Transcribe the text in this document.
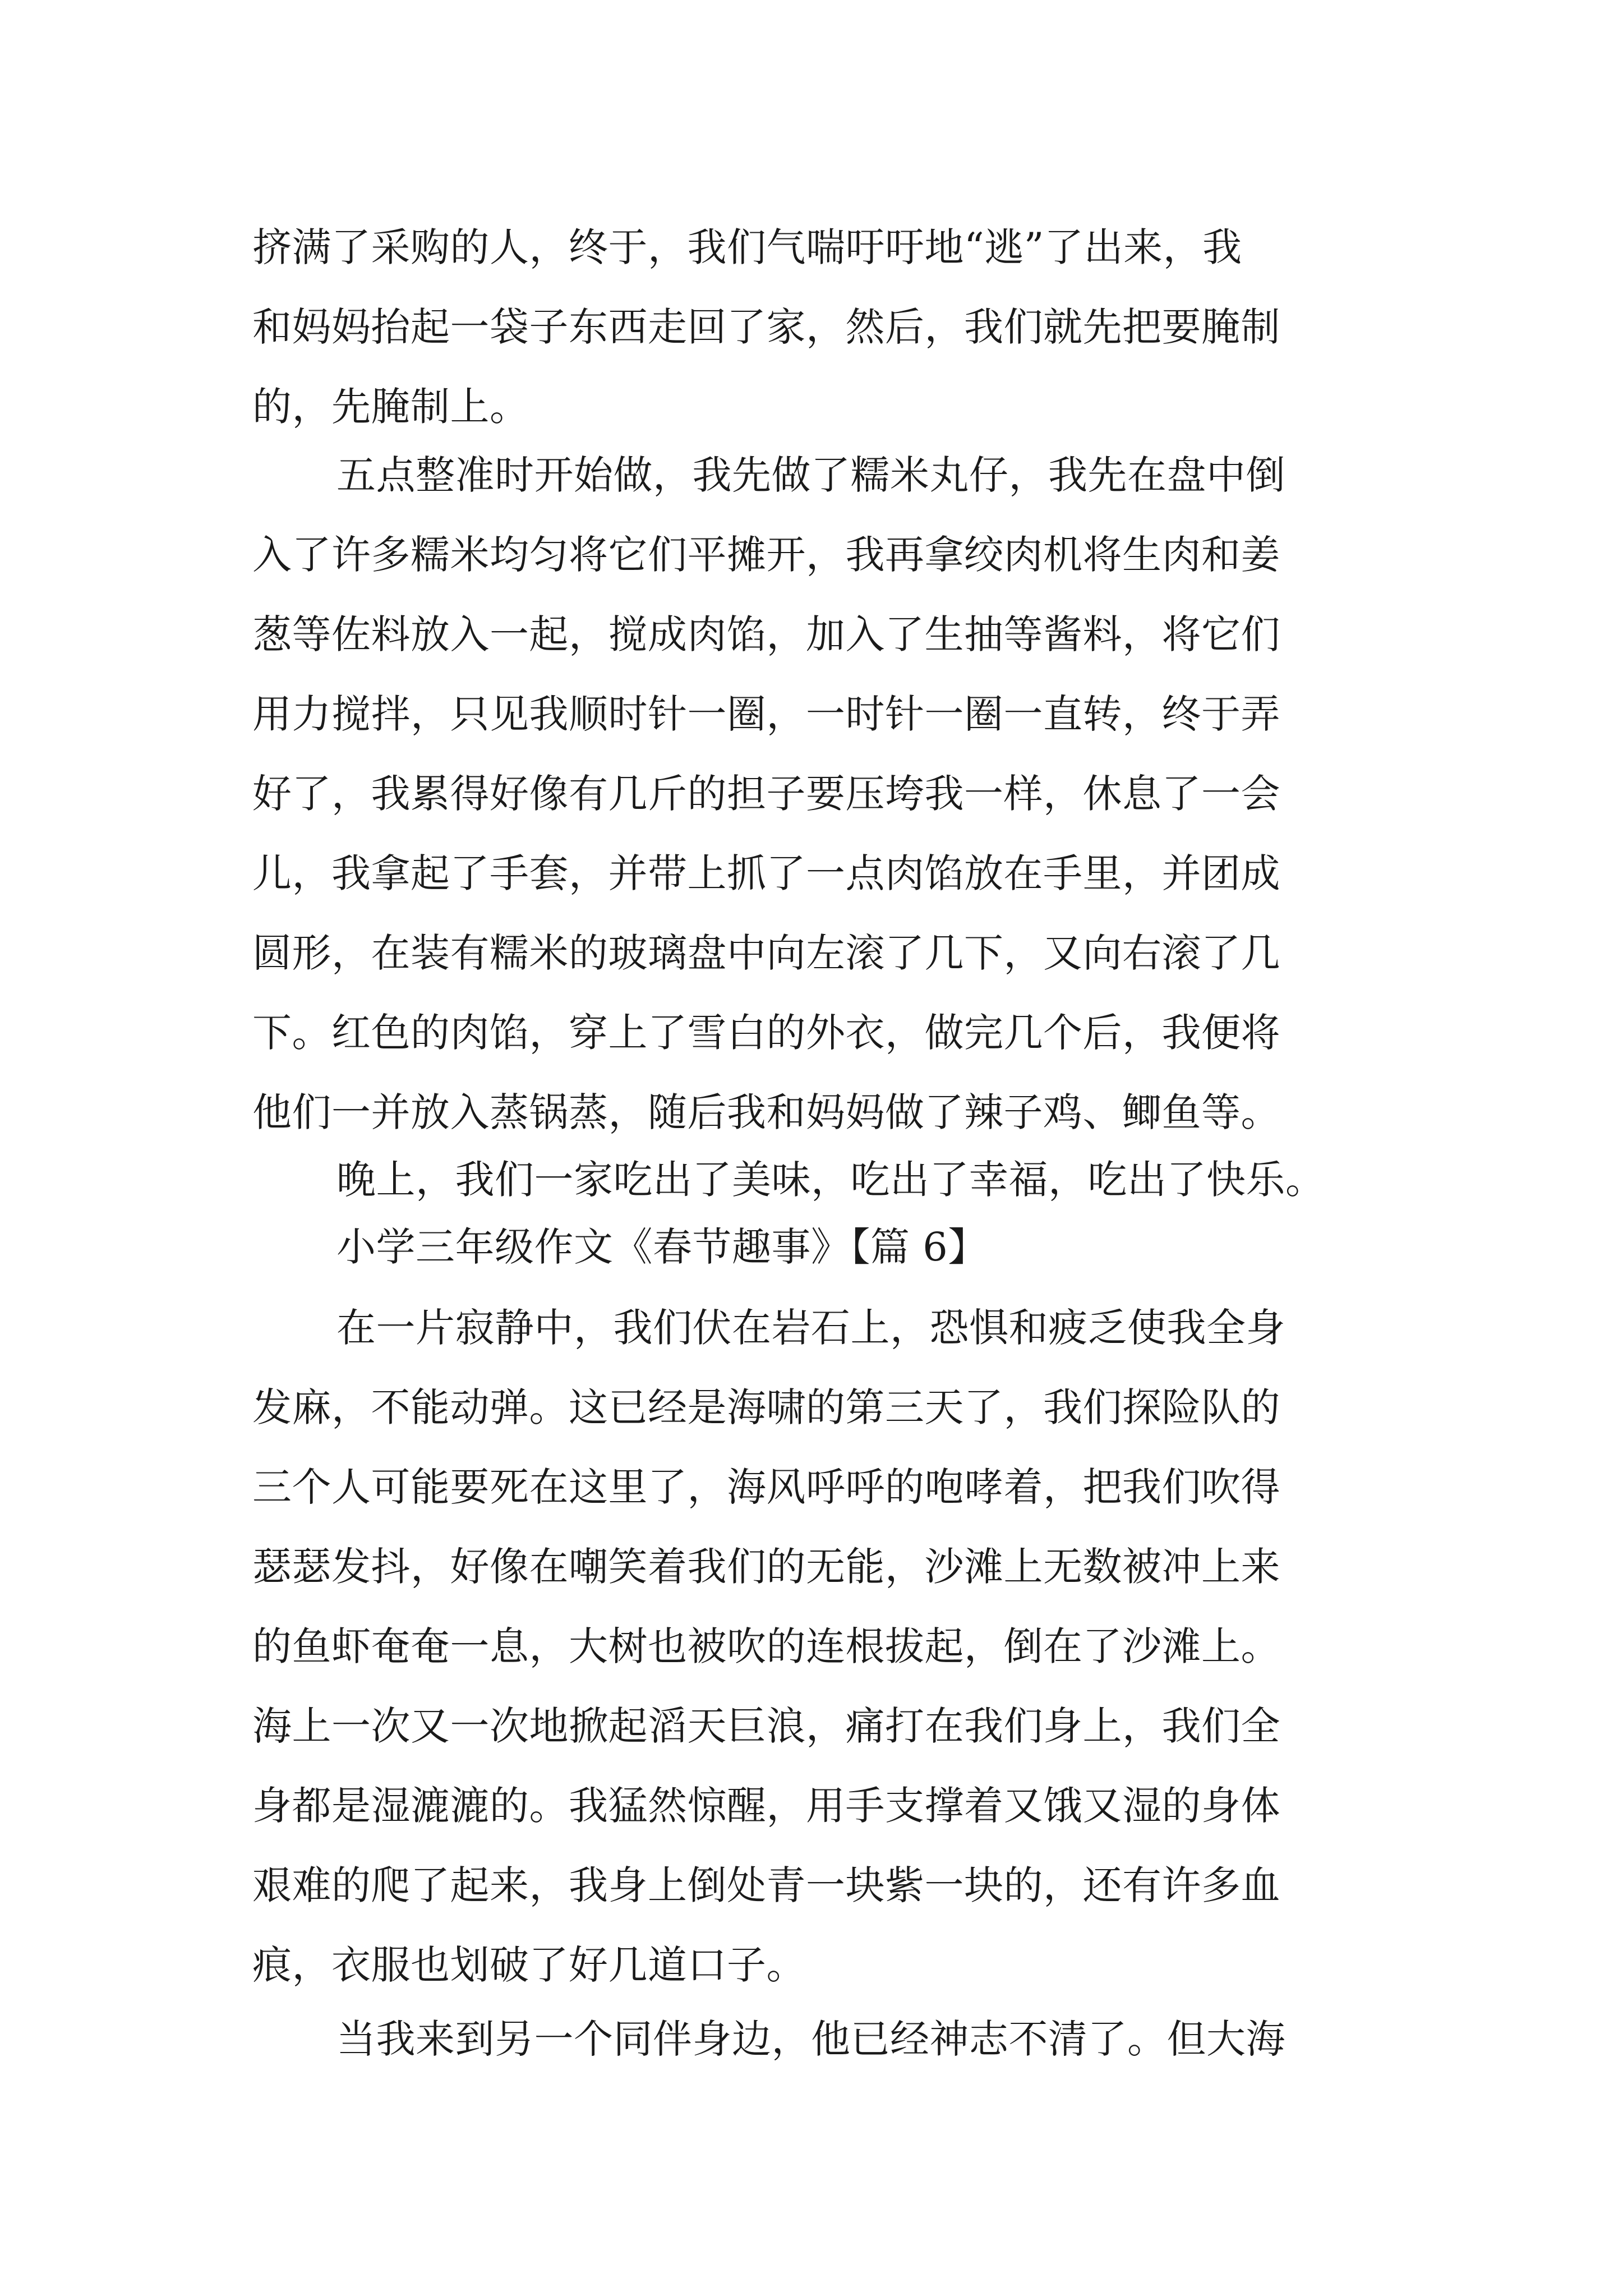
挤满了采购的人，终于，我们气喘吁吁地“逃”了出来，我
和妈妈抬起一袋子东西走回了家，然后，我们就先把要腌制
的，先腌制上。
五点整准时开始做，我先做了糯米丸仔，我先在盘中倒
入了许多糯米均匀将它们平摊开，我再拿绞肉机将生肉和姜
葱等佐料放入一起，搅成肉馅，加入了生抽等酱料，将它们
用力搅拌，只见我顺时针一圈，一时针一圈一直转，终于弄
好了，我累得好像有几斤的担子要压垮我一样，休息了一会
儿，我拿起了手套，并带上抓了一点肉馅放在手里，并团成
圆形，在装有糯米的玻璃盘中向左滚了几下，又向右滚了几
下。红色的肉馅，穿上了雪白的外衣，做完几个后，我便将
他们一并放入蒸锅蒸，随后我和妈妈做了辣子鸡、鲫鱼等。
晚上，我们一家吃出了美味，吃出了幸福，吃出了快乐。
小学三年级作文《春节趣事》【篇 6】
在一片寂静中，我们伏在岩石上，恐惧和疲乏使我全身
发麻，不能动弹。这已经是海啸的第三天了，我们探险队的
三个人可能要死在这里了，海风呼呼的咆哮着，把我们吹得
瑟瑟发抖，好像在嘲笑着我们的无能，沙滩上无数被冲上来
的鱼虾奄奄一息，大树也被吹的连根拔起，倒在了沙滩上。
海上一次又一次地掀起滔天巨浪，痛打在我们身上，我们全
身都是湿漉漉的。我猛然惊醒，用手支撑着又饿又湿的身体
艰难的爬了起来，我身上倒处青一块紫一块的，还有许多血
痕，衣服也划破了好几道口子。
当我来到另一个同伴身边，他已经神志不清了。但大海
